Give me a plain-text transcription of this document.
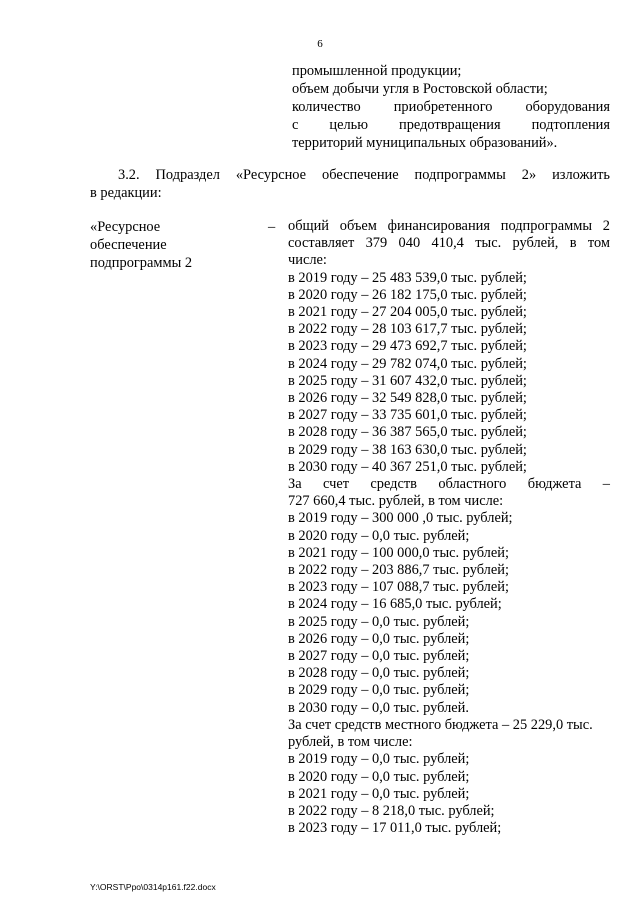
6
промышленной продукции;
объем добычи угля в Ростовской области;
количество приобретенного оборудования
с целью предотвращения подтопления
территорий муниципальных образований».
3.2. Подраздел «Ресурсное обеспечение подпрограммы 2» изложить
в редакции:
«Ресурсное
обеспечение
подпрограммы 2
– общий объем финансирования подпрограммы 2
составляет 379 040 410,4 тыс. рублей, в том
числе:
в 2019 году – 25 483 539,0 тыс. рублей;
в 2020 году – 26 182 175,0 тыс. рублей;
в 2021 году – 27 204 005,0 тыс. рублей;
в 2022 году – 28 103 617,7 тыс. рублей;
в 2023 году – 29 473 692,7 тыс. рублей;
в 2024 году – 29 782 074,0 тыс. рублей;
в 2025 году – 31 607 432,0 тыс. рублей;
в 2026 году – 32 549 828,0 тыс. рублей;
в 2027 году – 33 735 601,0 тыс. рублей;
в 2028 году – 36 387 565,0 тыс. рублей;
в 2029 году – 38 163 630,0 тыс. рублей;
в 2030 году – 40 367 251,0 тыс. рублей;
За счет средств областного бюджета –
727 660,4 тыс. рублей, в том числе:
в 2019 году – 300 000 ,0 тыс. рублей;
в 2020 году – 0,0 тыс. рублей;
в 2021 году – 100 000,0 тыс. рублей;
в 2022 году – 203 886,7 тыс. рублей;
в 2023 году – 107 088,7 тыс. рублей;
в 2024 году – 16 685,0 тыс. рублей;
в 2025 году – 0,0 тыс. рублей;
в 2026 году – 0,0 тыс. рублей;
в 2027 году – 0,0 тыс. рублей;
в 2028 году – 0,0 тыс. рублей;
в 2029 году – 0,0 тыс. рублей;
в 2030 году – 0,0 тыс. рублей.
За счет средств местного бюджета – 25 229,0 тыс.
рублей, в том числе:
в 2019 году – 0,0 тыс. рублей;
в 2020 году – 0,0 тыс. рублей;
в 2021 году – 0,0 тыс. рублей;
в 2022 году – 8 218,0 тыс. рублей;
в 2023 году – 17 011,0 тыс. рублей;
Y:\ORST\Ppo\0314p161.f22.docx
